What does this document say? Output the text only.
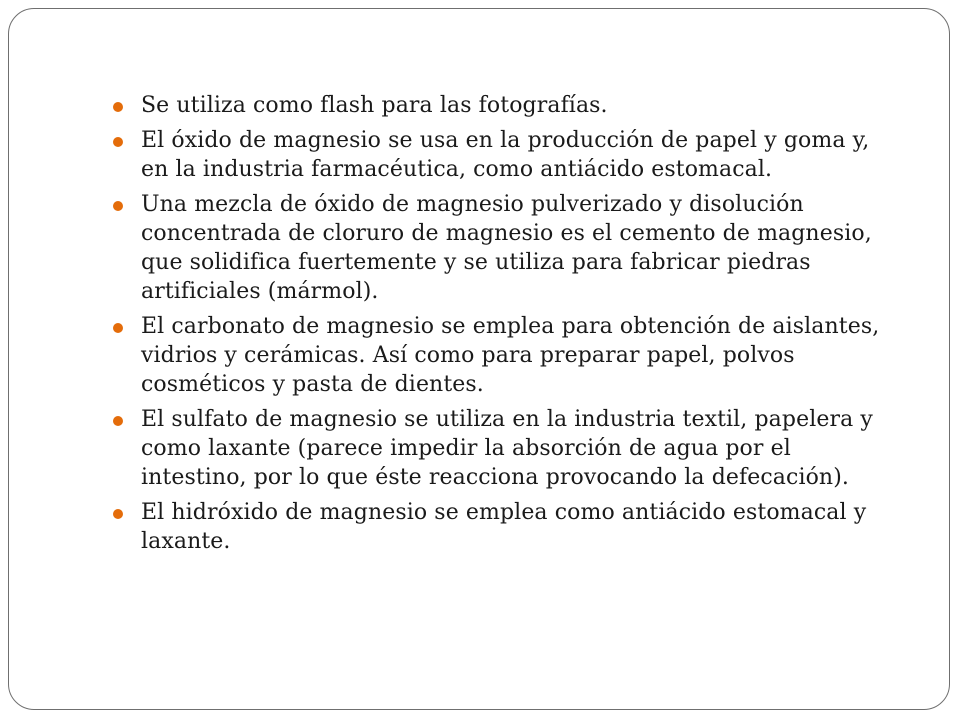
Se utiliza como flash para las fotografías.
El óxido de magnesio se usa en la producción de papel y goma y, en la industria farmacéutica, como antiácido estomacal.
Una mezcla de óxido de magnesio pulverizado y disolución concentrada de cloruro de magnesio es el cemento de magnesio, que solidifica fuertemente y se utiliza para fabricar piedras artificiales (mármol).
El carbonato de magnesio se emplea para obtención de aislantes, vidrios y cerámicas. Así como para preparar papel, polvos cosméticos y pasta de dientes.
El sulfato de magnesio se utiliza en la industria textil, papelera y como laxante (parece impedir la absorción de agua por el intestino, por lo que éste reacciona provocando la defecación).
El hidróxido de magnesio se emplea como antiácido estomacal y laxante.
